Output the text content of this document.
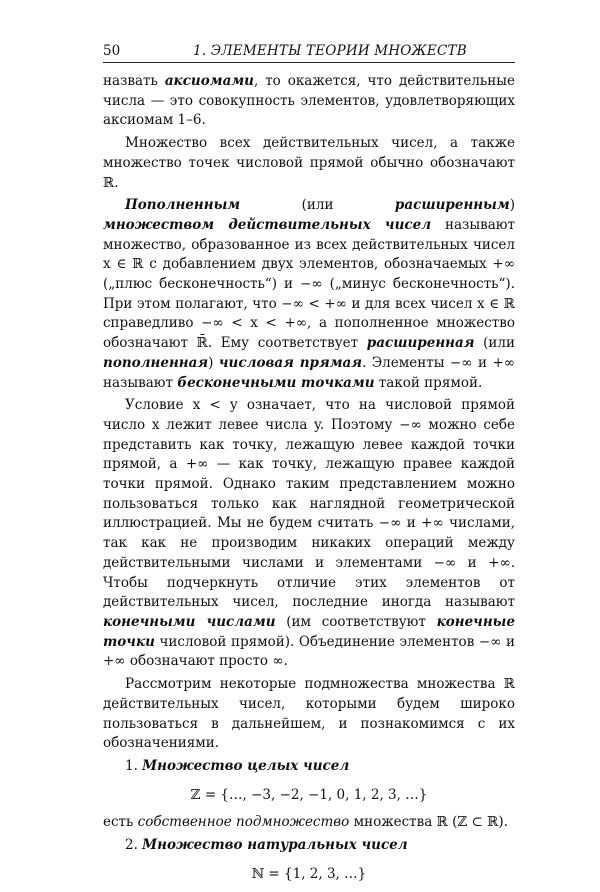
50	1. ЭЛЕМЕНТЫ ТЕОРИИ МНОЖЕСТВ

назвать аксиомами, то окажется, что действительные числа — это совокупность элементов, удовлетворяющих аксиомам 1–6.

Множество всех действительных чисел, а также множество точек числовой прямой обычно обозначают ℝ.

Пополненным (или расширенным) множеством действительных чисел называют множество, образованное из всех действительных чисел x ∈ ℝ с добавлением двух элементов, обозначаемых +∞ („плюс бесконечность“) и −∞ („минус бесконечность“). При этом полагают, что −∞ < +∞ и для всех чисел x ∈ ℝ справедливо −∞ < x < +∞, а пополненное множество обозначают ℝ̄. Ему соответствует расширенная (или пополненная) числовая прямая. Элементы −∞ и +∞ называют бесконечными точками такой прямой.

Условие x < y означает, что на числовой прямой число x лежит левее числа y. Поэтому −∞ можно себе представить как точку, лежащую левее каждой точки прямой, а +∞ — как точку, лежащую правее каждой точки прямой. Однако таким представлением можно пользоваться только как наглядной геометрической иллюстрацией. Мы не будем считать −∞ и +∞ числами, так как не производим никаких операций между действительными числами и элементами −∞ и +∞. Чтобы подчеркнуть отличие этих элементов от действительных чисел, последние иногда называют конечными числами (им соответствуют конечные точки числовой прямой). Объединение элементов −∞ и +∞ обозначают просто ∞.

Рассмотрим некоторые подмножества множества ℝ действительных чисел, которыми будем широко пользоваться в дальнейшем, и познакомимся с их обозначениями.

1. Множество целых чисел

ℤ = {…, −3, −2, −1, 0, 1, 2, 3, …}

есть собственное подмножество множества ℝ (ℤ ⊂ ℝ).

2. Множество натуральных чисел

ℕ = {1, 2, 3, …}
